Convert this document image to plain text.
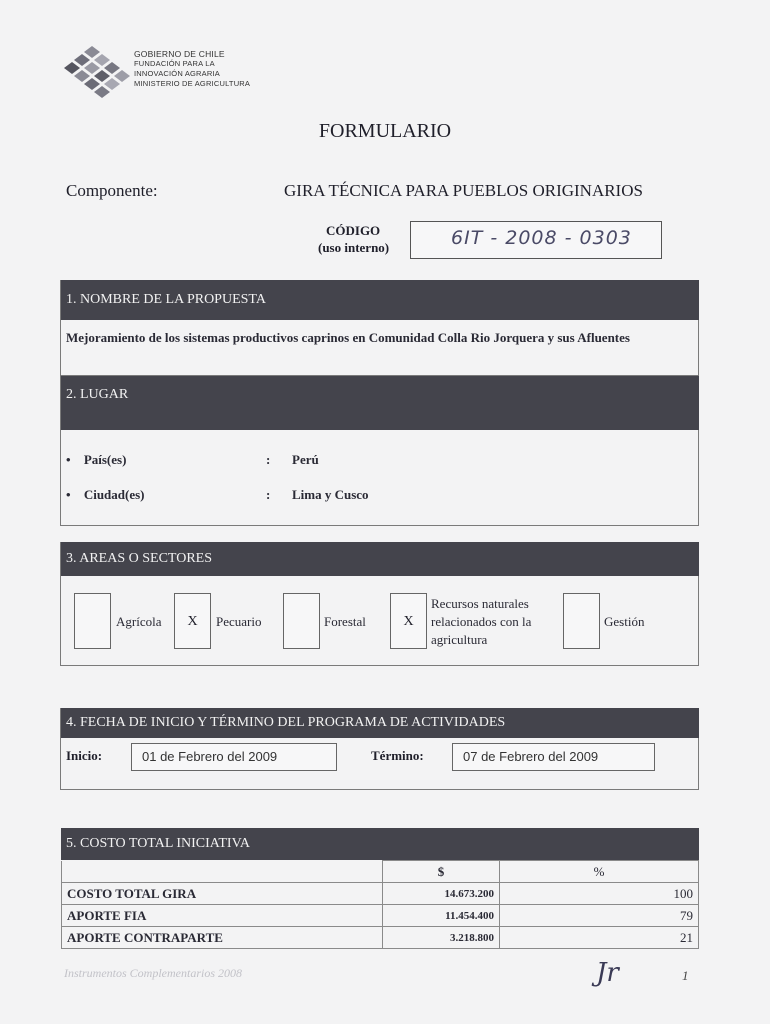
GOBIERNO DE CHILE
FUNDACIÓN PARA LA
INNOVACIÓN AGRARIA
MINISTERIO DE AGRICULTURA
FORMULARIO
Componente:	GIRA TÉCNICA PARA PUEBLOS ORIGINARIOS
CÓDIGO
(uso interno)	6IT - 2008 - 0303
1. NOMBRE DE LA PROPUESTA
Mejoramiento de los sistemas productivos caprinos en Comunidad Colla Rio Jorquera y sus Afluentes
2. LUGAR
• País(es)	: Perú
• Ciudad(es)	: Lima y Cusco
3. AREAS O SECTORES
Agrícola	X	Pecuario	Forestal	X
Recursos naturales
relacionados con la
agricultura
Gestión
4. FECHA DE INICIO Y TÉRMINO DEL PROGRAMA DE ACTIVIDADES
Inicio:	01 de Febrero del 2009	Término:	07 de Febrero del 2009
5. COSTO TOTAL INICIATIVA
	$	%
COSTO TOTAL GIRA	14.673.200	100
APORTE FIA	11.454.400	79
APORTE CONTRAPARTE	3.218.800	21
Instrumentos Complementarios 2008	Jr	1
